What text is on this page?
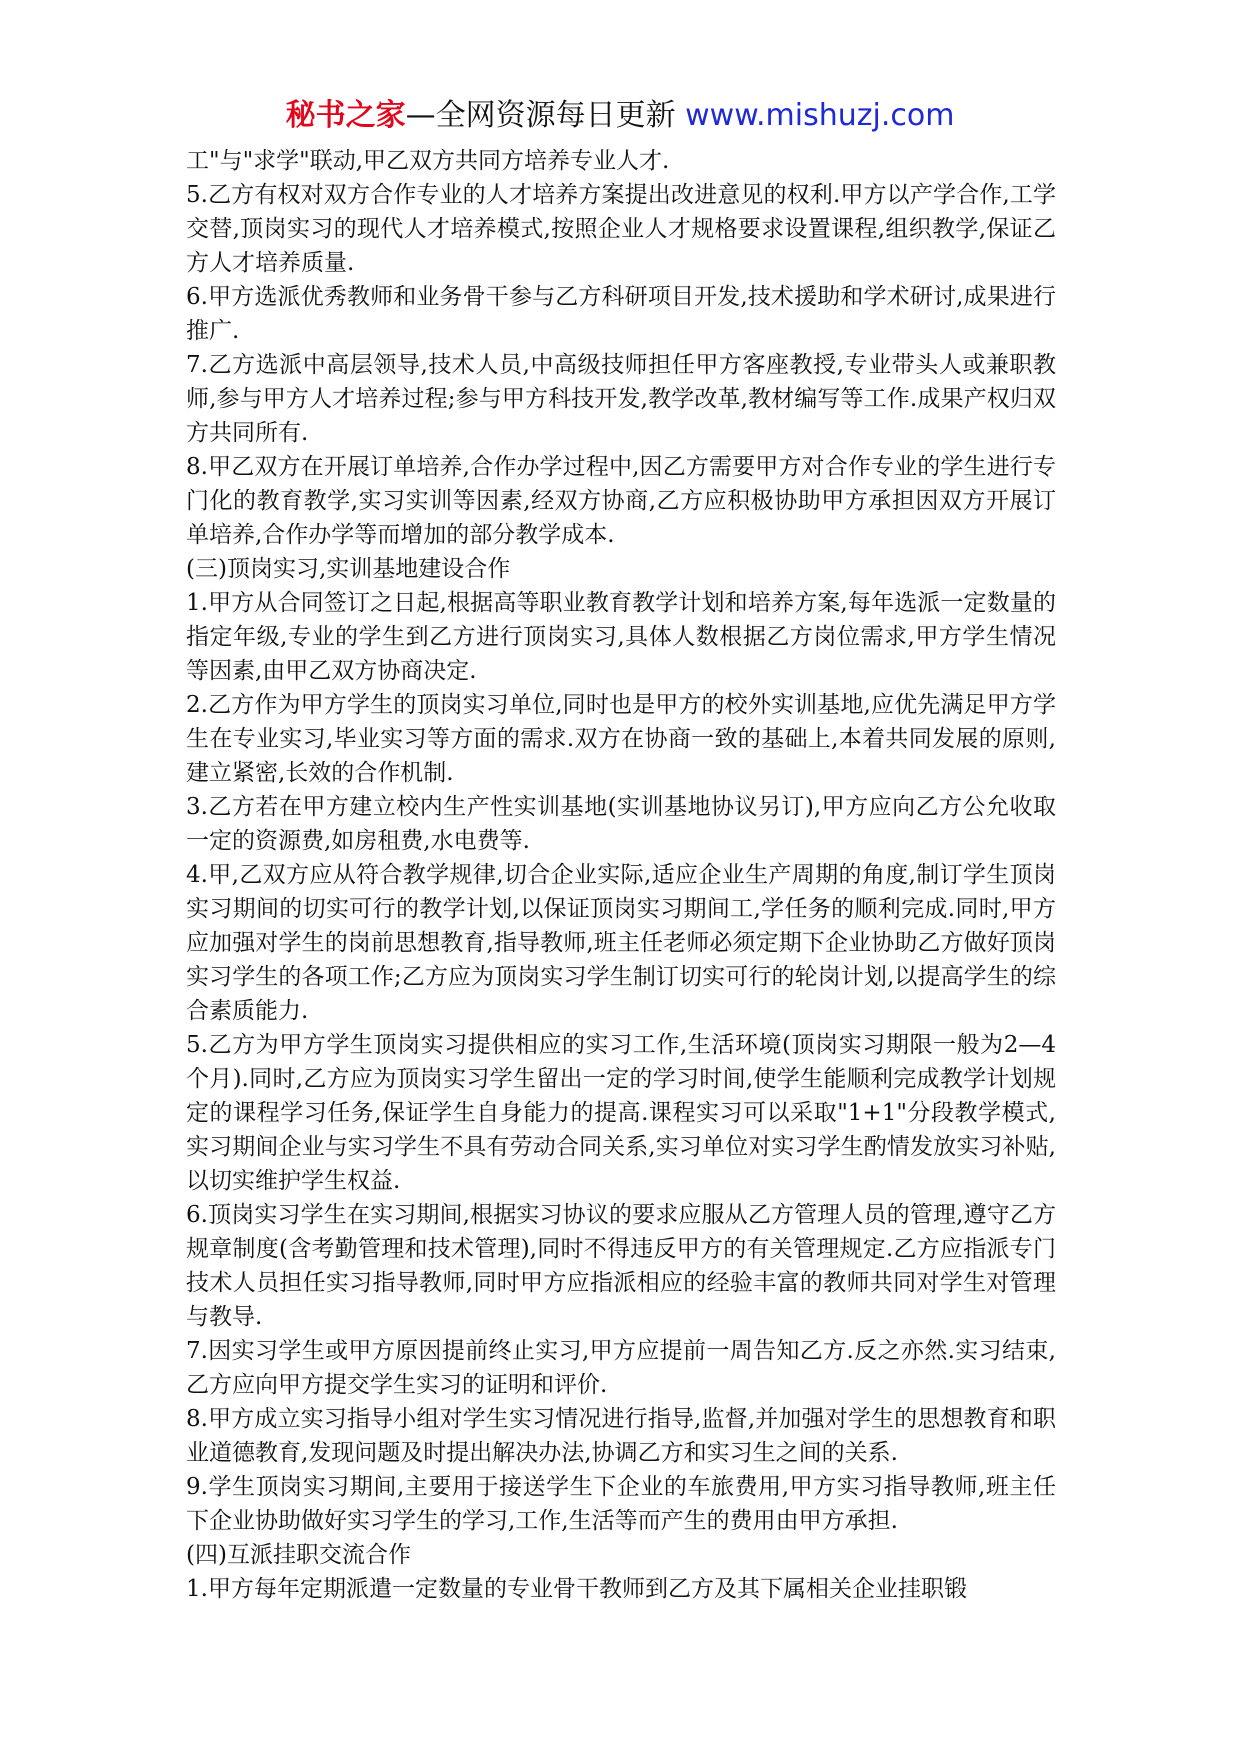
秘书之家—全网资源每日更新 www.mishuzj.com

工"与"求学"联动,甲乙双方共同方培养专业人才.

5.乙方有权对双方合作专业的人才培养方案提出改进意见的权利.甲方以产学合作,工学交替,顶岗实习的现代人才培养模式,按照企业人才规格要求设置课程,组织教学,保证乙方人才培养质量.

6.甲方选派优秀教师和业务骨干参与乙方科研项目开发,技术援助和学术研讨,成果进行推广.

7.乙方选派中高层领导,技术人员,中高级技师担任甲方客座教授,专业带头人或兼职教师,参与甲方人才培养过程;参与甲方科技开发,教学改革,教材编写等工作.成果产权归双方共同所有.

8.甲乙双方在开展订单培养,合作办学过程中,因乙方需要甲方对合作专业的学生进行专门化的教育教学,实习实训等因素,经双方协商,乙方应积极协助甲方承担因双方开展订单培养,合作办学等而增加的部分教学成本.

(三)顶岗实习,实训基地建设合作

1.甲方从合同签订之日起,根据高等职业教育教学计划和培养方案,每年选派一定数量的指定年级,专业的学生到乙方进行顶岗实习,具体人数根据乙方岗位需求,甲方学生情况等因素,由甲乙双方协商决定.

2.乙方作为甲方学生的顶岗实习单位,同时也是甲方的校外实训基地,应优先满足甲方学生在专业实习,毕业实习等方面的需求.双方在协商一致的基础上,本着共同发展的原则,建立紧密,长效的合作机制.

3.乙方若在甲方建立校内生产性实训基地(实训基地协议另订),甲方应向乙方公允收取一定的资源费,如房租费,水电费等.

4.甲,乙双方应从符合教学规律,切合企业实际,适应企业生产周期的角度,制订学生顶岗实习期间的切实可行的教学计划,以保证顶岗实习期间工,学任务的顺利完成.同时,甲方应加强对学生的岗前思想教育,指导教师,班主任老师必须定期下企业协助乙方做好顶岗实习学生的各项工作;乙方应为顶岗实习学生制订切实可行的轮岗计划,以提高学生的综合素质能力.

5.乙方为甲方学生顶岗实习提供相应的实习工作,生活环境(顶岗实习期限一般为2—4个月).同时,乙方应为顶岗实习学生留出一定的学习时间,使学生能顺利完成教学计划规定的课程学习任务,保证学生自身能力的提高.课程实习可以采取"1+1"分段教学模式,实习期间企业与实习学生不具有劳动合同关系,实习单位对实习学生酌情发放实习补贴,以切实维护学生权益.

6.顶岗实习学生在实习期间,根据实习协议的要求应服从乙方管理人员的管理,遵守乙方规章制度(含考勤管理和技术管理),同时不得违反甲方的有关管理规定.乙方应指派专门技术人员担任实习指导教师,同时甲方应指派相应的经验丰富的教师共同对学生对管理与教导.

7.因实习学生或甲方原因提前终止实习,甲方应提前一周告知乙方.反之亦然.实习结束,乙方应向甲方提交学生实习的证明和评价.

8.甲方成立实习指导小组对学生实习情况进行指导,监督,并加强对学生的思想教育和职业道德教育,发现问题及时提出解决办法,协调乙方和实习生之间的关系.

9.学生顶岗实习期间,主要用于接送学生下企业的车旅费用,甲方实习指导教师,班主任下企业协助做好实习学生的学习,工作,生活等而产生的费用由甲方承担.

(四)互派挂职交流合作

1.甲方每年定期派遣一定数量的专业骨干教师到乙方及其下属相关企业挂职锻
